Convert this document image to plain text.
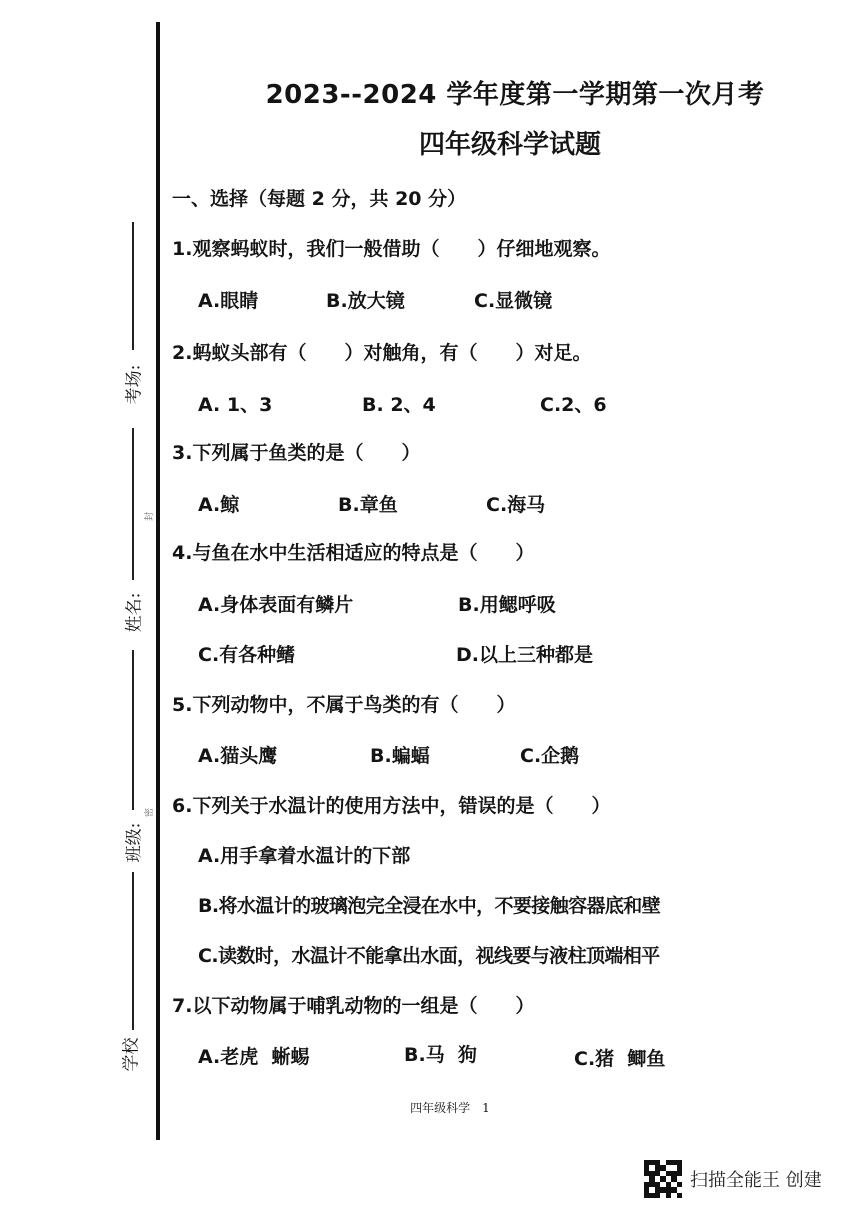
考场:
封
姓名:
密
班级:
学校
2023--2024 学年度第一学期第一次月考
四年级科学试题
一、选择（每题 2 分，共 20 分）
1.观察蚂蚁时，我们一般借助（　　）仔细地观察。
A.眼睛	B.放大镜	C.显微镜
2.蚂蚁头部有（　　）对触角，有（　　）对足。
A. 1、3	B. 2、4	C.2、6
3.下列属于鱼类的是（　　）
A.鲸	B.章鱼	C.海马
4.与鱼在水中生活相适应的特点是（　　）
A.身体表面有鳞片	B.用鳃呼吸
C.有各种鳍	D.以上三种都是
5.下列动物中，不属于鸟类的有（　　）
A.猫头鹰	B.蝙蝠	C.企鹅
6.下列关于水温计的使用方法中，错误的是（　　）
A.用手拿着水温计的下部
B.将水温计的玻璃泡完全浸在水中，不要接触容器底和壁
C.读数时，水温计不能拿出水面，视线要与液柱顶端相平
7.以下动物属于哺乳动物的一组是（　　）
A.老虎  蜥蜴	B.马  狗	C.猪  鲫鱼
四年级科学　1
扫描全能王 创建
